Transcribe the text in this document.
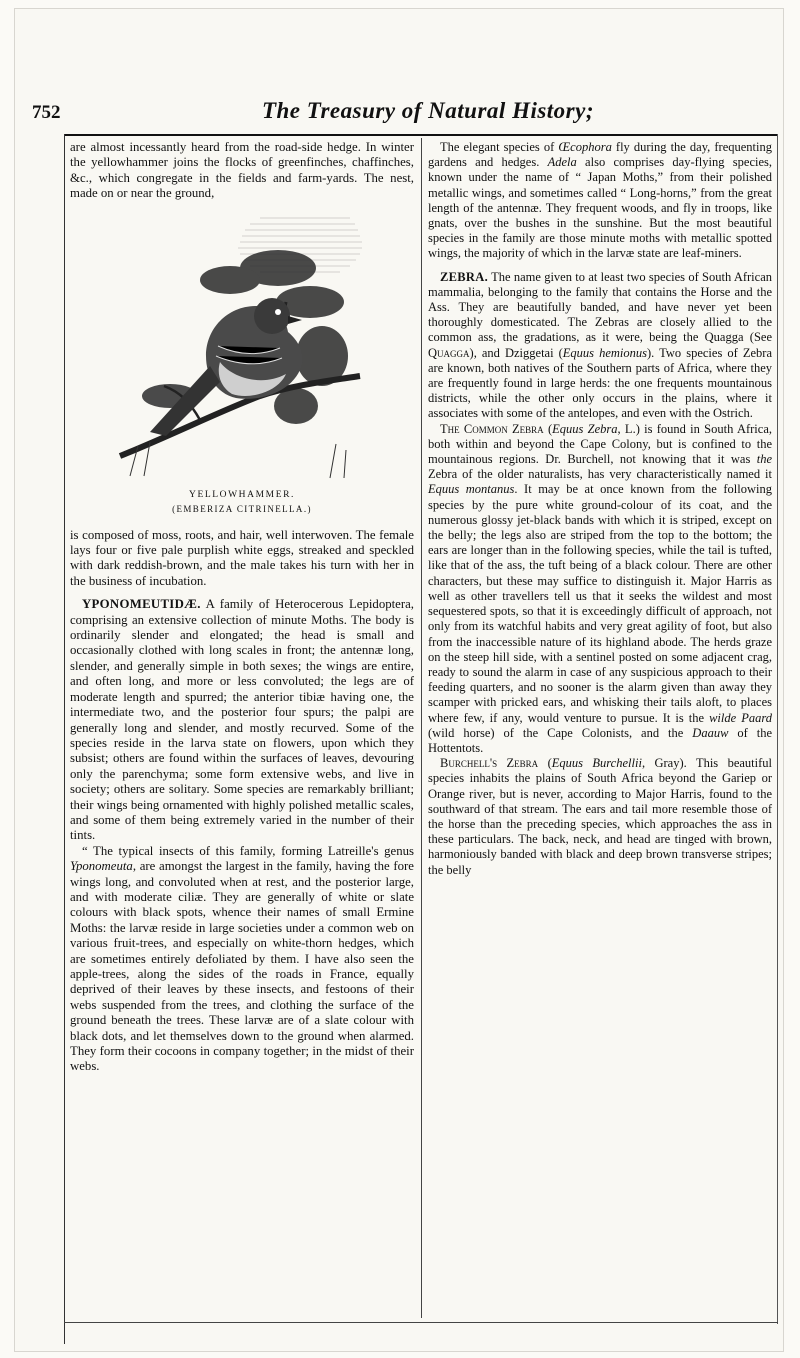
752	The Treasury of Natural History;

are almost incessantly heard from the road-side hedge. In winter the yellowhammer joins the flocks of greenfinches, chaffinches, &c., which congregate in the fields and farm-yards. The nest, made on or near the ground,

YELLOWHAMMER.
(EMBERIZA CITRINELLA.)

is composed of moss, roots, and hair, well interwoven. The female lays four or five pale purplish white eggs, streaked and speckled with dark reddish-brown, and the male takes his turn with her in the business of incubation.

YPONOMEUTIDÆ. A family of Heterocerous Lepidoptera, comprising an extensive collection of minute Moths. The body is ordinarily slender and elongated; the head is small and occasionally clothed with long scales in front; the antennæ long, slender, and generally simple in both sexes; the wings are entire, and often long, and more or less convoluted; the legs are of moderate length and spurred; the anterior tibiæ having one, the intermediate two, and the posterior four spurs; the palpi are generally long and slender, and mostly recurved. Some of the species reside in the larva state on flowers, upon which they subsist; others are found within the surfaces of leaves, devouring only the parenchyma; some form extensive webs, and live in society; others are solitary. Some species are remarkably brilliant; their wings being ornamented with highly polished metallic scales, and some of them being extremely varied in the number of their tints.

“ The typical insects of this family, forming Latreille's genus Yponomeuta, are amongst the largest in the family, having the fore wings long, and convoluted when at rest, and the posterior large, and with moderate ciliæ. They are generally of white or slate colours with black spots, whence their names of small Ermine Moths: the larvæ reside in large societies under a common web on various fruit-trees, and especially on white-thorn hedges, which are sometimes entirely defoliated by them. I have also seen the apple-trees, along the sides of the roads in France, equally deprived of their leaves by these insects, and festoons of their webs suspended from the trees, and clothing the surface of the ground beneath the trees. These larvæ are of a slate colour with black dots, and let themselves down to the ground when alarmed. They form their cocoons in company together; in the midst of their webs.

The elegant species of Œcophora fly during the day, frequenting gardens and hedges. Adela also comprises day-flying species, known under the name of “ Japan Moths,” from their polished metallic wings, and sometimes called “ Long-horns,” from the great length of the antennæ. They frequent woods, and fly in troops, like gnats, over the bushes in the sunshine. But the most beautiful species in the family are those minute moths with metallic spotted wings, the majority of which in the larvæ state are leaf-miners.

ZEBRA. The name given to at least two species of South African mammalia, belonging to the family that contains the Horse and the Ass. They are beautifully banded, and have never yet been thoroughly domesticated. The Zebras are closely allied to the common ass, the gradations, as it were, being the Quagga (See Quagga), and Dziggetai (Equus hemionus). Two species of Zebra are known, both natives of the Southern parts of Africa, where they are frequently found in large herds: the one frequents mountainous districts, while the other only occurs in the plains, where it associates with some of the antelopes, and even with the Ostrich.

The Common Zebra (Equus Zebra, L.) is found in South Africa, both within and beyond the Cape Colony, but is confined to the mountainous regions. Dr. Burchell, not knowing that it was the Zebra of the older naturalists, has very characteristically named it Equus montanus. It may be at once known from the following species by the pure white ground-colour of its coat, and the numerous glossy jet-black bands with which it is striped, except on the belly; the legs also are striped from the top to the bottom; the ears are longer than in the following species, while the tail is tufted, like that of the ass, the tuft being of a black colour. There are other characters, but these may suffice to distinguish it. Major Harris as well as other travellers tell us that it seeks the wildest and most sequestered spots, so that it is exceedingly difficult of approach, not only from its watchful habits and very great agility of foot, but also from the inaccessible nature of its highland abode. The herds graze on the steep hill side, with a sentinel posted on some adjacent crag, ready to sound the alarm in case of any suspicious approach to their feeding quarters, and no sooner is the alarm given than away they scamper with pricked ears, and whisking their tails aloft, to places where few, if any, would venture to pursue. It is the wilde Paard (wild horse) of the Cape Colonists, and the Daauw of the Hottentots.

Burchell's Zebra (Equus Burchellii, Gray). This beautiful species inhabits the plains of South Africa beyond the Gariep or Orange river, but is never, according to Major Harris, found to the southward of that stream. The ears and tail more resemble those of the horse than the preceding species, which approaches the ass in these particulars. The back, neck, and head are tinged with brown, harmoniously banded with black and deep brown transverse stripes; the belly
